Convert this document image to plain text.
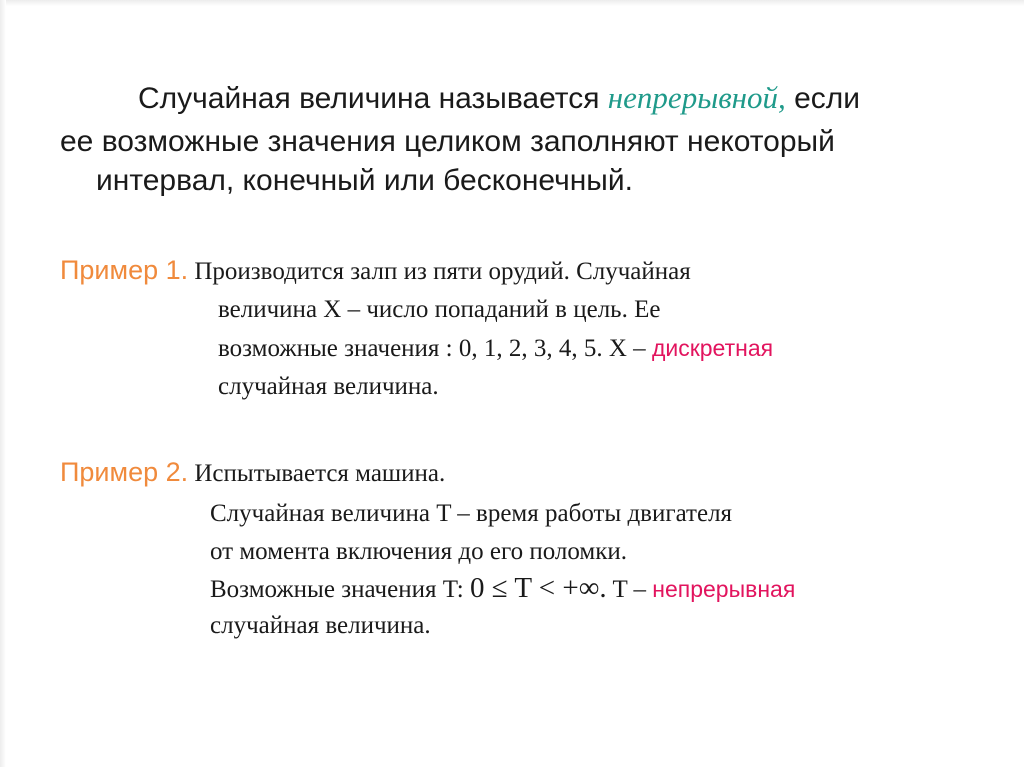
Случайная величина называется непрерывной, если
ее возможные значения целиком заполняют некоторый
интервал, конечный или бесконечный.
Пример 1. Производится залп из пяти орудий. Случайная
величина X – число попаданий в цель. Ее
возможные значения : 0, 1, 2, 3, 4, 5. X – дискретная
случайная величина.
Пример 2. Испытывается машина.
Случайная величина T – время работы двигателя
от момента включения до его поломки.
Возможные значения T: 0 ≤ T < +∞. T – непрерывная
случайная величина.
